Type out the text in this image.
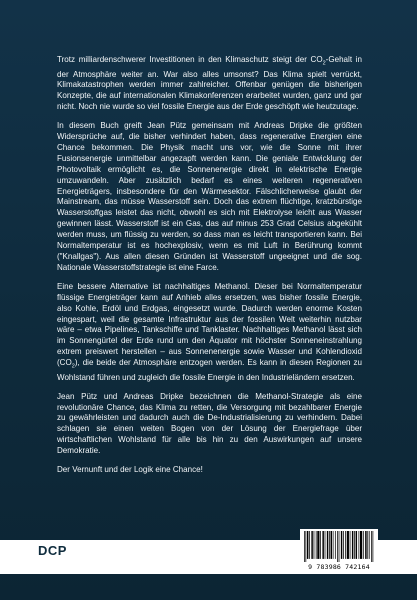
Trotz milliardenschwerer Investitionen in den Klimaschutz steigt der $CO_2$-Gehalt in der Atmosphäre weiter an. War also alles umsonst? Das Klima spielt verrückt, Klimakatastrophen werden immer zahlreicher. Offenbar genügen die bisherigen Konzepte, die auf internationalen Klimakonferenzen erarbeitet wurden, ganz und gar nicht. Noch nie wurde so viel fossile Energie aus der Erde geschöpft wie heutzutage.

In diesem Buch greift Jean Pütz gemeinsam mit Andreas Dripke die größten Widersprüche auf, die bisher verhindert haben, dass regenerative Energien eine Chance bekommen. Die Physik macht uns vor, wie die Sonne mit ihrer Fusionsenergie unmittelbar angezapft werden kann. Die geniale Entwicklung der Photovoltaik ermöglicht es, die Sonnenenergie direkt in elektrische Energie umzuwandeln. Aber zusätzlich bedarf es eines weiteren regenerativen Energieträgers, insbesondere für den Wärmesektor. Fälschlicherweise glaubt der Mainstream, das müsse Wasserstoff sein. Doch das extrem flüchtige, kratzbürstige Wasserstoffgas leistet das nicht, obwohl es sich mit Elektrolyse leicht aus Wasser gewinnen lässt. Wasserstoff ist ein Gas, das auf minus 253 Grad Celsius abgekühlt werden muss, um flüssig zu werden, so dass man es leicht transportieren kann. Bei Normaltemperatur ist es hochexplosiv, wenn es mit Luft in Berührung kommt ("Knallgas"). Aus allen diesen Gründen ist Wasserstoff ungeeignet und die sog. Nationale Wasserstoffstrategie ist eine Farce.

Eine bessere Alternative ist nachhaltiges Methanol. Dieser bei Normaltemperatur flüssige Energieträger kann auf Anhieb alles ersetzen, was bisher fossile Energie, also Kohle, Erdöl und Erdgas, eingesetzt wurde. Dadurch werden enorme Kosten eingespart, weil die gesamte Infrastruktur aus der fossilen Welt weiterhin nutzbar wäre – etwa Pipelines, Tankschiffe und Tanklaster. Nachhaltiges Methanol lässt sich im Sonnengürtel der Erde rund um den Äquator mit höchster Sonneneinstrahlung extrem preiswert herstellen – aus Sonnenenergie sowie Wasser und Kohlendioxid $(CO_2)$, die beide der Atmosphäre entzogen werden. Es kann in diesen Regionen zu Wohlstand führen und zugleich die fossile Energie in den Industrieländern ersetzen.

Jean Pütz und Andreas Dripke bezeichnen die Methanol-Strategie als eine revolutionäre Chance, das Klima zu retten, die Versorgung mit bezahlbarer Energie zu gewährleisten und dadurch auch die De-Industrialisierung zu verhindern. Dabei schlagen sie einen weiten Bogen von der Lösung der Energiefrage über wirtschaftlichen Wohlstand für alle bis hin zu den Auswirkungen auf unsere Demokratie.

Der Vernunft und der Logik eine Chance!

DCP
9 783986 742164
